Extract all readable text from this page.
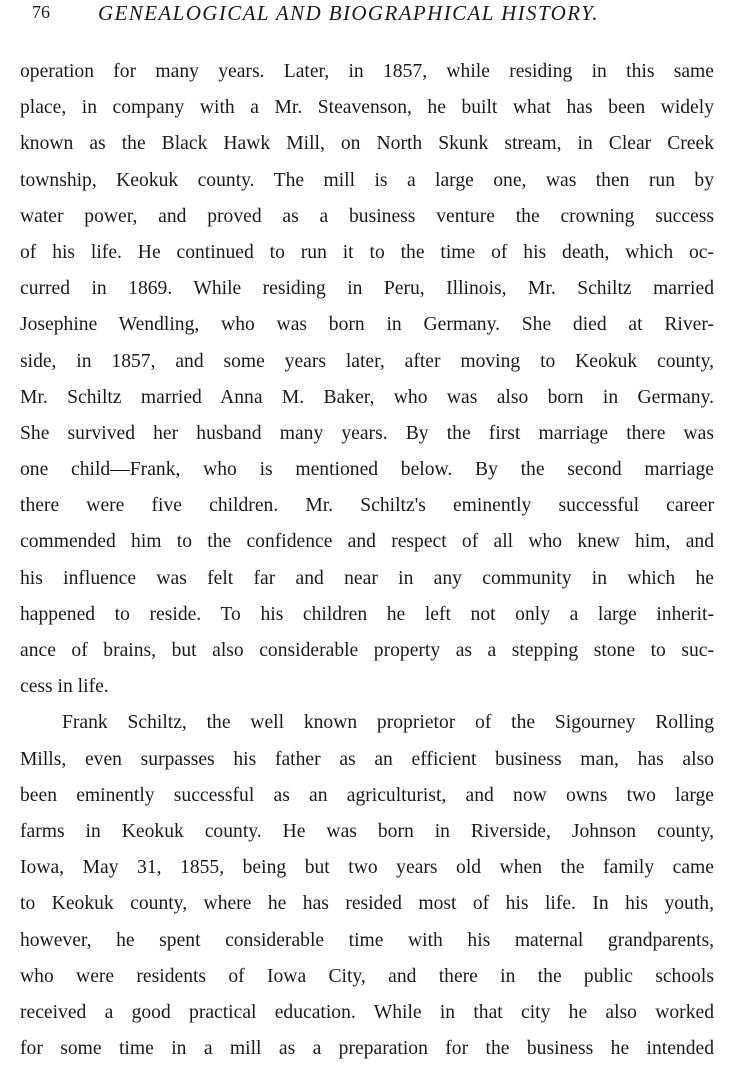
76 GENEALOGICAL AND BIOGRAPHICAL HISTORY.
operation for many years. Later, in 1857, while residing in this same
place, in company with a Mr. Steavenson, he built what has been widely
known as the Black Hawk Mill, on North Skunk stream, in Clear Creek
township, Keokuk county. The mill is a large one, was then run by
water power, and proved as a business venture the crowning success
of his life. He continued to run it to the time of his death, which oc-
curred in 1869. While residing in Peru, Illinois, Mr. Schiltz married
Josephine Wendling, who was born in Germany. She died at River-
side, in 1857, and some years later, after moving to Keokuk county,
Mr. Schiltz married Anna M. Baker, who was also born in Germany.
She survived her husband many years. By the first marriage there was
one child—Frank, who is mentioned below. By the second marriage
there were five children. Mr. Schiltz's eminently successful career
commended him to the confidence and respect of all who knew him, and
his influence was felt far and near in any community in which he
happened to reside. To his children he left not only a large inherit-
ance of brains, but also considerable property as a stepping stone to suc-
cess in life.
Frank Schiltz, the well known proprietor of the Sigourney Rolling
Mills, even surpasses his father as an efficient business man, has also
been eminently successful as an agriculturist, and now owns two large
farms in Keokuk county. He was born in Riverside, Johnson county,
Iowa, May 31, 1855, being but two years old when the family came
to Keokuk county, where he has resided most of his life. In his youth,
however, he spent considerable time with his maternal grandparents,
who were residents of Iowa City, and there in the public schools
received a good practical education. While in that city he also worked
for some time in a mill as a preparation for the business he intended
